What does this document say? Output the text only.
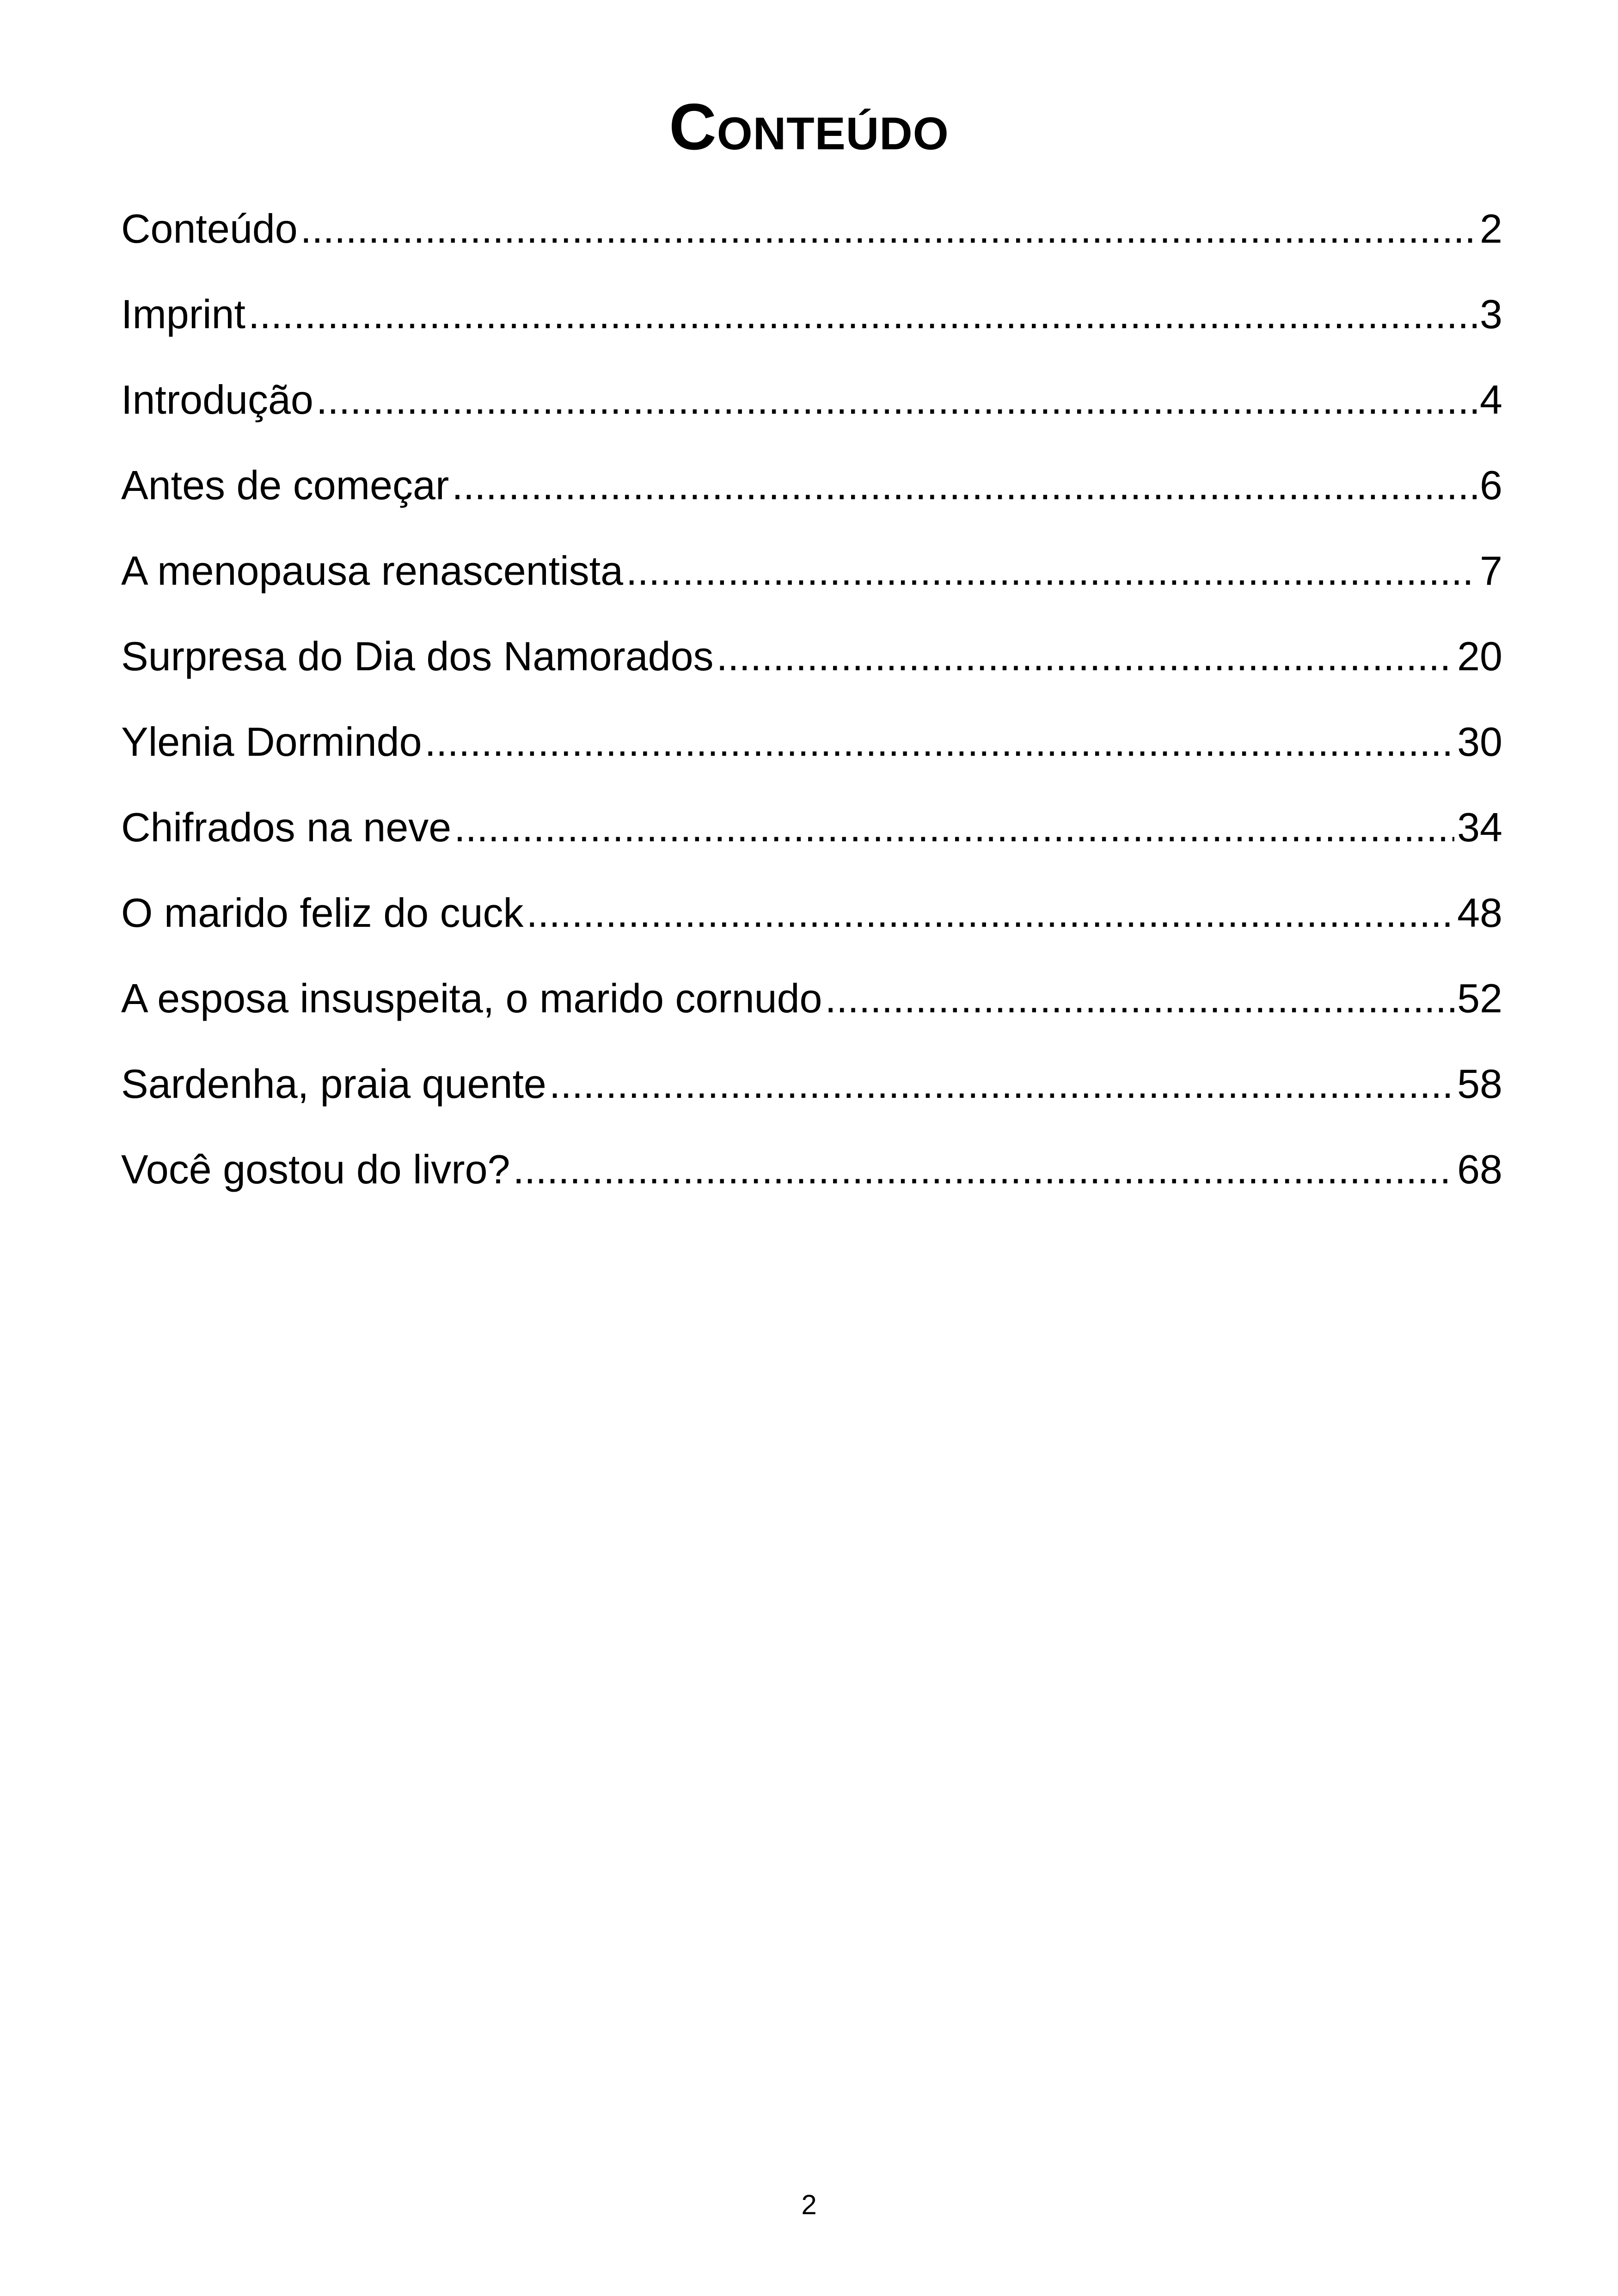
Conteúdo
Conteúdo .....	2
Imprint .....	3
Introdução .....	4
Antes de começar .....	6
A menopausa renascentista .....	7
Surpresa do Dia dos Namorados .....	20
Ylenia Dormindo .....	30
Chifrados na neve .....	34
O marido feliz do cuck .....	48
A esposa insuspeita, o marido cornudo .....	52
Sardenha, praia quente .....	58
Você gostou do livro? .....	68
2
